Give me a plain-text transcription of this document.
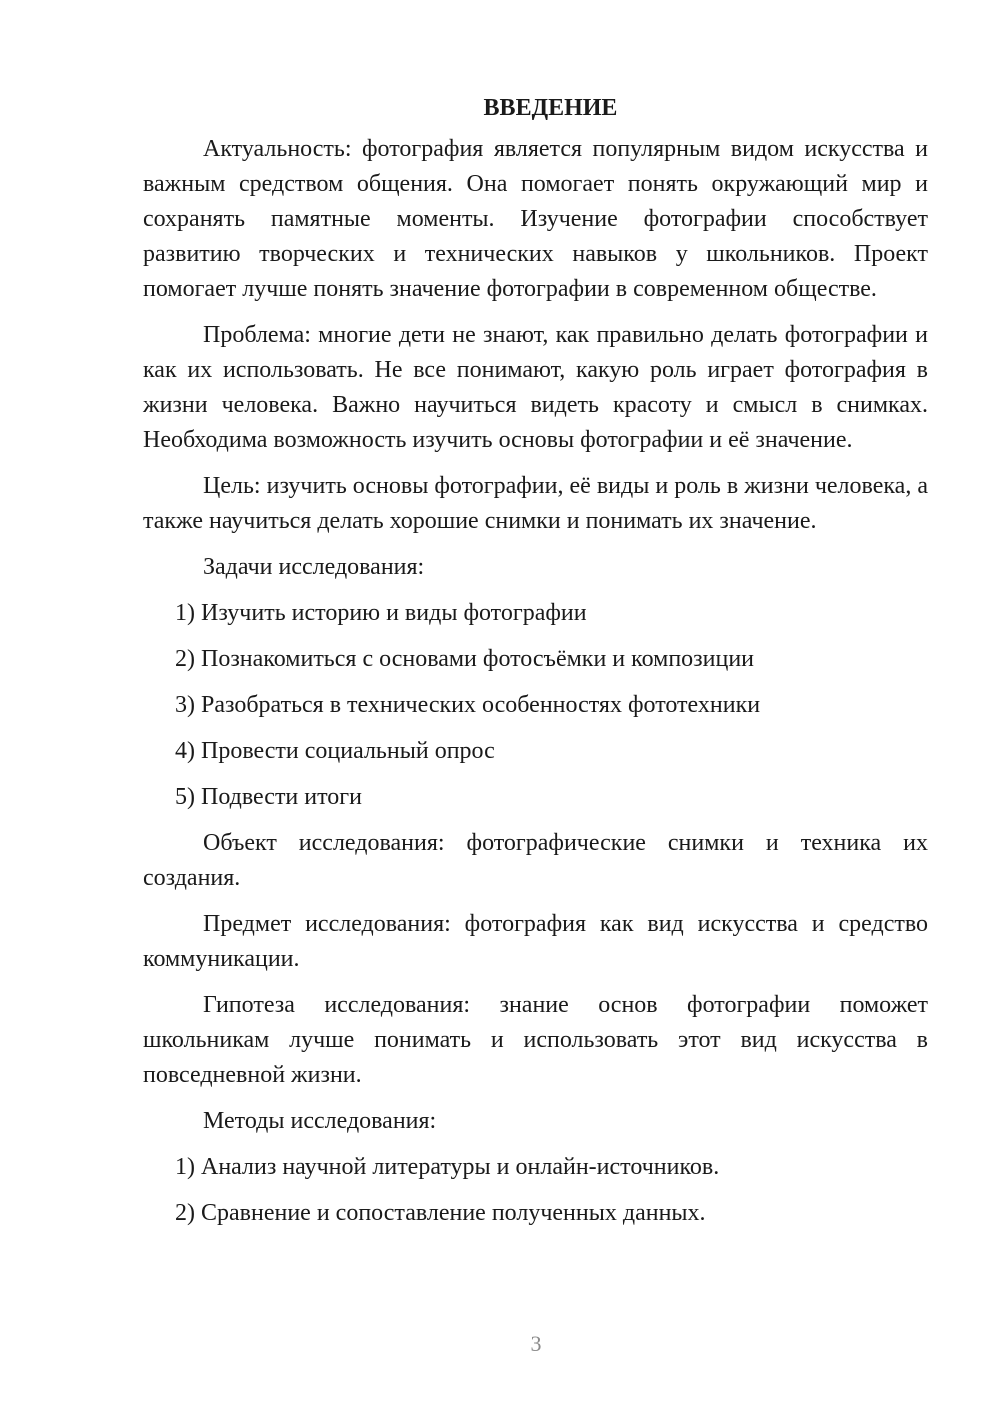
ВВЕДЕНИЕ

Актуальность: фотография является популярным видом искусства и важным средством общения. Она помогает понять окружающий мир и сохранять памятные моменты. Изучение фотографии способствует развитию творческих и технических навыков у школьников. Проект помогает лучше понять значение фотографии в современном обществе.

Проблема: многие дети не знают, как правильно делать фотографии и как их использовать. Не все понимают, какую роль играет фотография в жизни человека. Важно научиться видеть красоту и смысл в снимках. Необходима возможность изучить основы фотографии и её значение.

Цель: изучить основы фотографии, её виды и роль в жизни человека, а также научиться делать хорошие снимки и понимать их значение.

Задачи исследования:
1) Изучить историю и виды фотографии
2) Познакомиться с основами фотосъёмки и композиции
3) Разобраться в технических особенностях фототехники
4) Провести социальный опрос
5) Подвести итоги

Объект исследования: фотографические снимки и техника их создания.

Предмет исследования: фотография как вид искусства и средство коммуникации.

Гипотеза исследования: знание основ фотографии поможет школьникам лучше понимать и использовать этот вид искусства в повседневной жизни.

Методы исследования:
1) Анализ научной литературы и онлайн-источников.
2) Сравнение и сопоставление полученных данных.
3
